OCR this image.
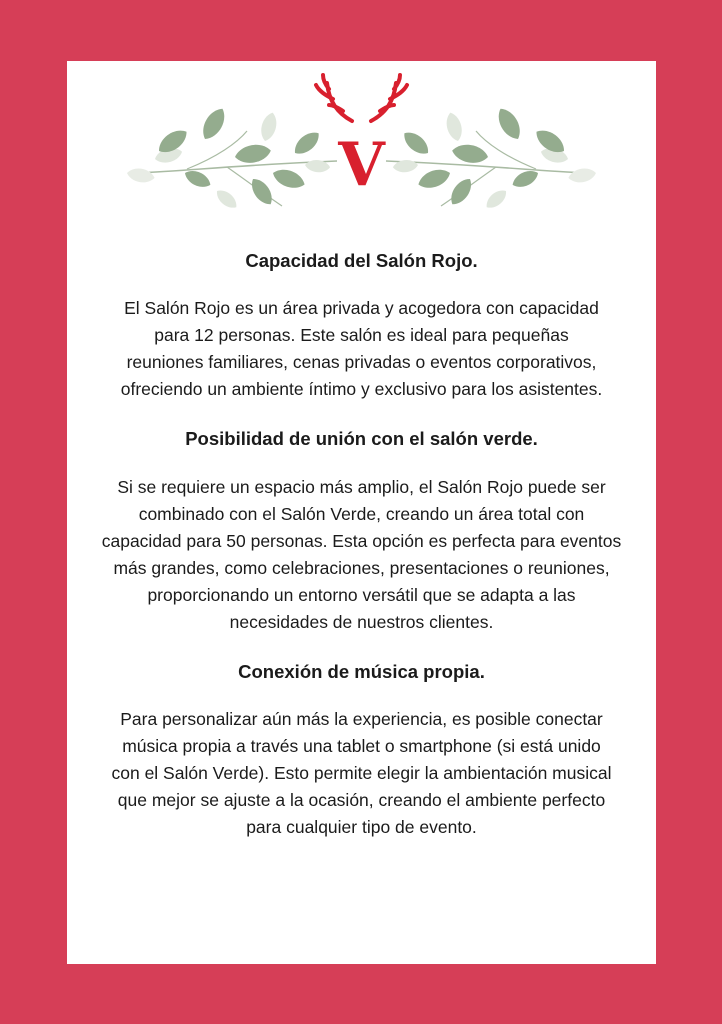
V
Capacidad del Salón Rojo.

El Salón Rojo es un área privada y acogedora con capacidad para 12 personas. Este salón es ideal para pequeñas reuniones familiares, cenas privadas o eventos corporativos, ofreciendo un ambiente íntimo y exclusivo para los asistentes.

Posibilidad de unión con el salón verde.

Si se requiere un espacio más amplio, el Salón Rojo puede ser combinado con el Salón Verde, creando un área total con capacidad para 50 personas. Esta opción es perfecta para eventos más grandes, como celebraciones, presentaciones o reuniones, proporcionando un entorno versátil que se adapta a las necesidades de nuestros clientes.

Conexión de música propia.

Para personalizar aún más la experiencia, es posible conectar música propia a través una tablet o smartphone (si está unido con el Salón Verde). Esto permite elegir la ambientación musical que mejor se ajuste a la ocasión, creando el ambiente perfecto para cualquier tipo de evento.
